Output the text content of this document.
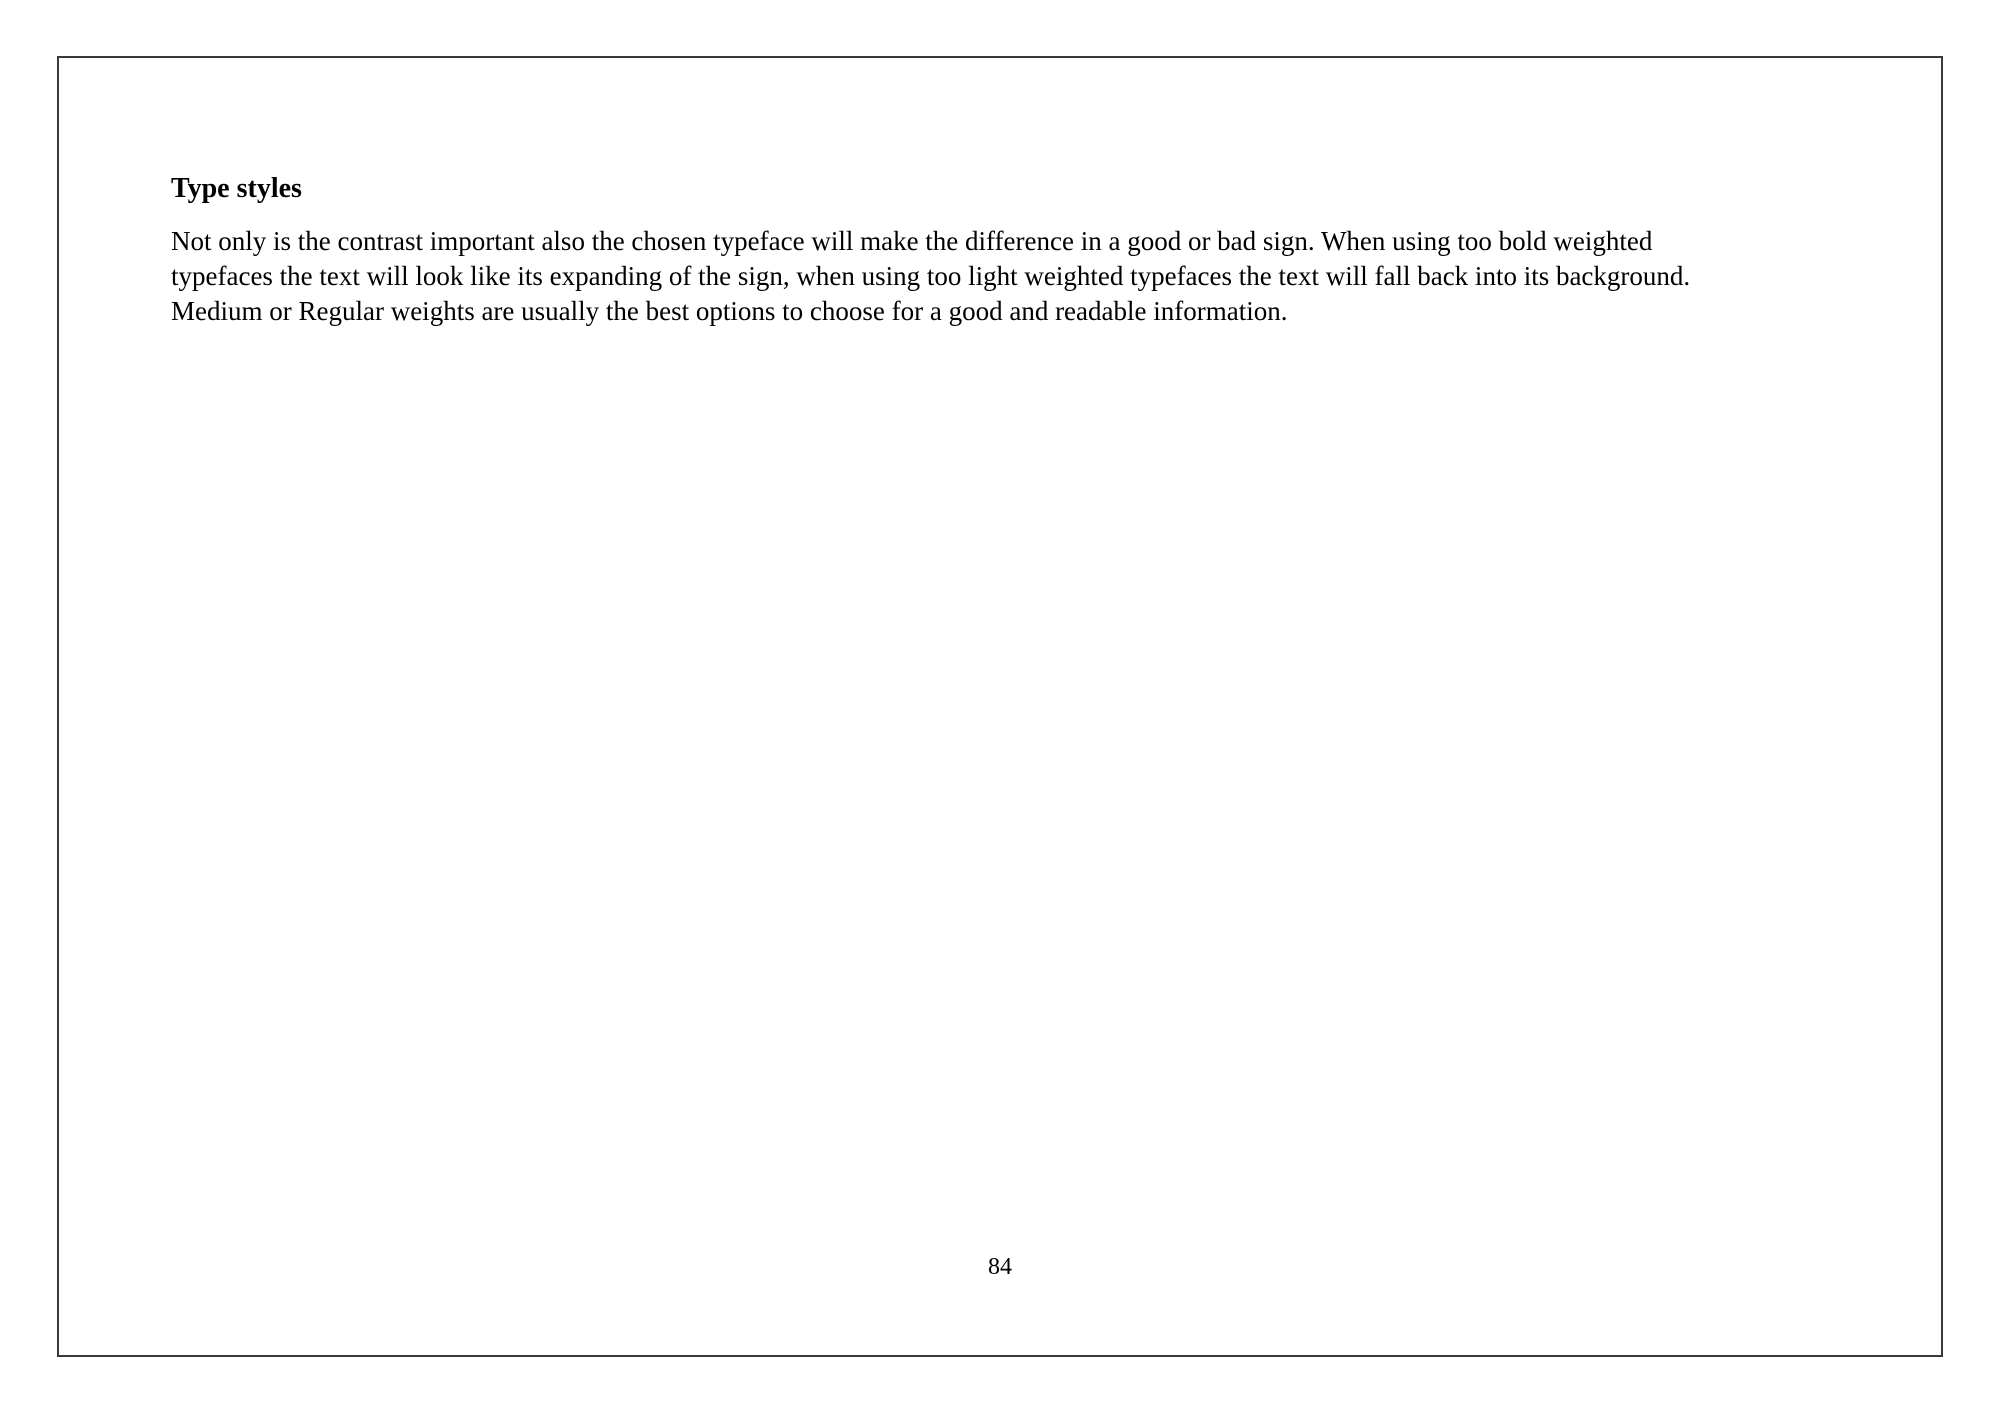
Type styles

Not only is the contrast important also the chosen typeface will make the difference in a good or bad sign. When using too bold weighted
typefaces the text will look like its expanding of the sign, when using too light weighted typefaces the text will fall back into its background.
Medium or Regular weights are usually the best options to choose for a good and readable information.

84
